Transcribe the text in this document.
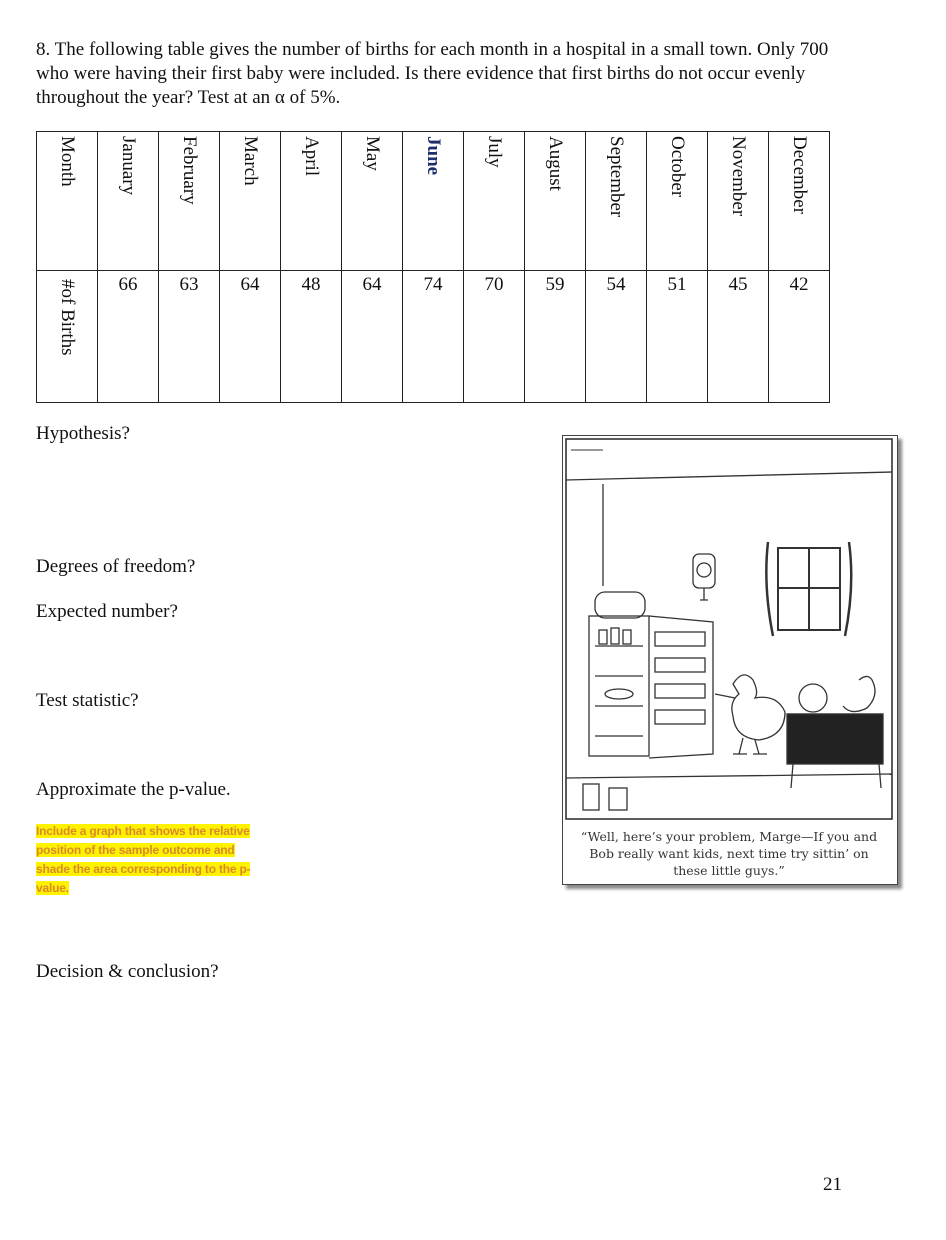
8. The following table gives the number of births for each month in a hospital in a small town. Only 700 who were having their first baby were included. Is there evidence that first births do not occur evenly throughout the year? Test at an α of 5%.
Month	January	February	March	April	May	June	July	August	September	October	November	December

#of Births	66	63	64	48	64	74	70	59	54	51	45	42
Hypothesis?
Degrees of freedom?
Expected number?
Test statistic?
Approximate the p-value.
Include a graph that shows the relative position of the sample outcome and shade the area corresponding to the p-value.
Decision & conclusion?
“Well, here’s your problem, Marge—If you and Bob really want kids, next time try sittin’ on these little guys.”
21
